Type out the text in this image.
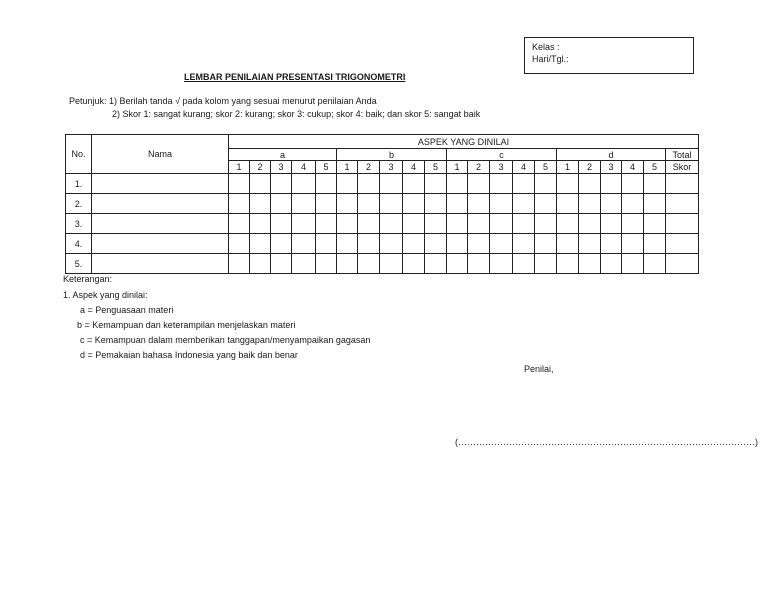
Kelas :
Hari/Tgl.:
LEMBAR PENILAIAN PRESENTASI TRIGONOMETRI
Petunjuk: 1) Berilah tanda √ pada kolom yang sesuai menurut penilaian Anda
2) Skor 1: sangat kurang; skor 2: kurang; skor 3: cukup; skor 4: baik; dan skor 5: sangat baik
No.	Nama	ASPEK YANG DINILAI																				
		a					b					c					d					Total
		1	2	3	4	5	1	2	3	4	5	1	2	3	4	5	1	2	3	4	5	Skor
1.																						
2.																						
3.																						
4.																						
5.																						
Keterangan:
1. Aspek yang dinilai:
a = Penguasaan materi
b = Kemampuan dan keterampilan menjelaskan materi
c = Kemampuan dalam memberikan tanggapan/menyampaikan gagasan
d = Pemakaian bahasa Indonesia yang baik dan benar
Penilai,
(………………………………………………………………………………………)
